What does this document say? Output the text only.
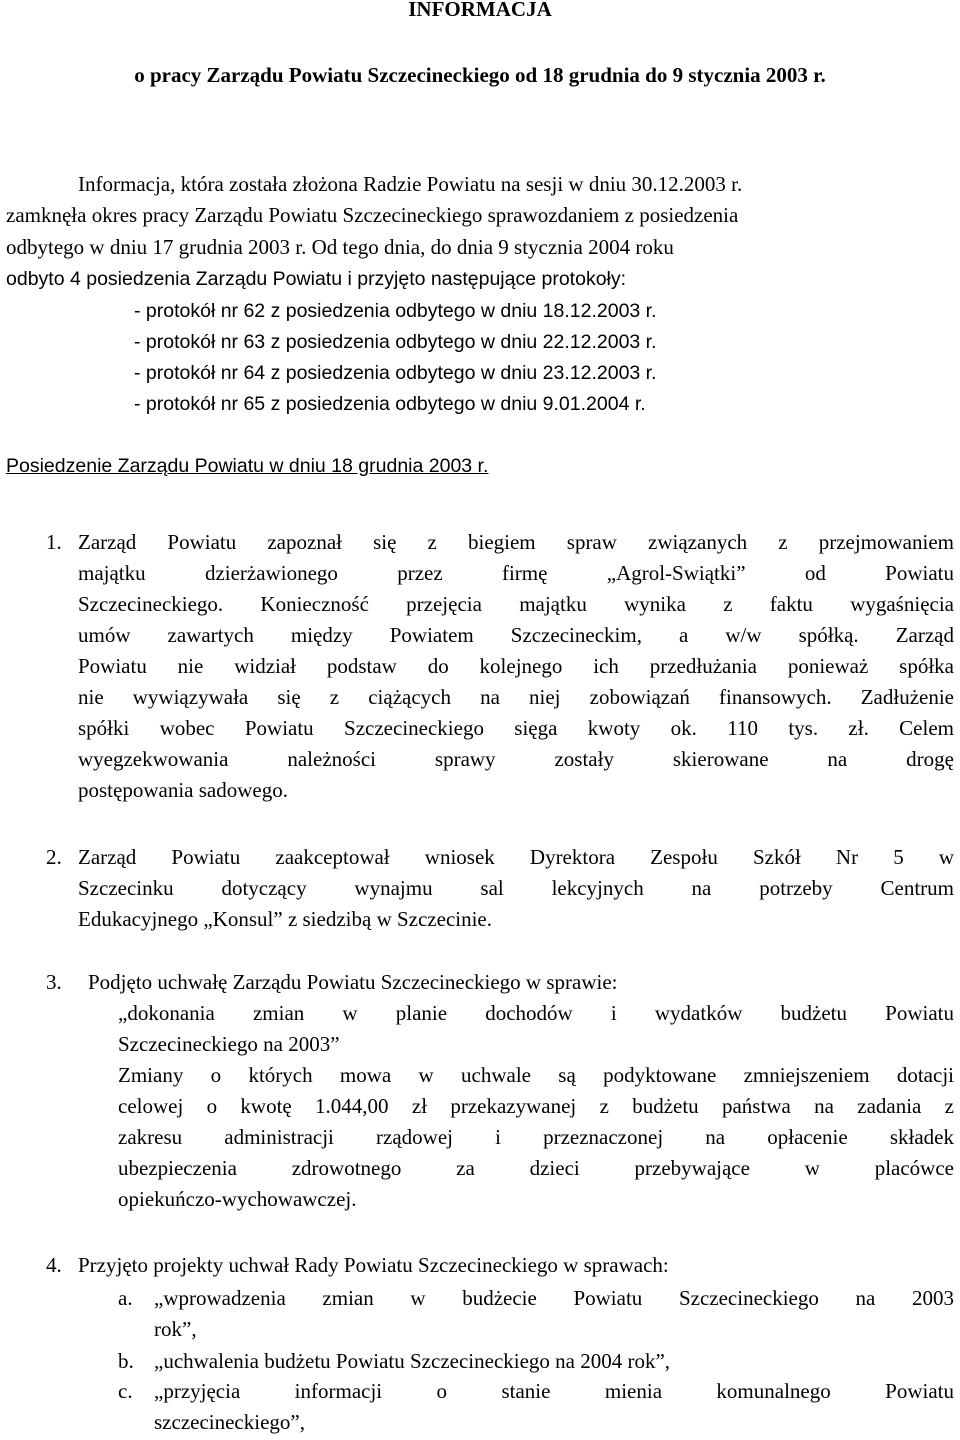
INFORMACJA
o pracy Zarządu Powiatu Szczecineckiego od 18 grudnia do 9 stycznia 2003 r.
Informacja, która została złożona Radzie Powiatu na sesji w dniu 30.12.2003 r.
zamknęła okres pracy Zarządu Powiatu Szczecineckiego sprawozdaniem z posiedzenia
odbytego w dniu 17 grudnia 2003 r. Od tego dnia, do dnia 9 stycznia 2004 roku
odbyto 4 posiedzenia Zarządu Powiatu i przyjęto następujące protokoły:
- protokół nr 62 z posiedzenia odbytego w dniu 18.12.2003 r.
- protokół nr 63 z posiedzenia odbytego w dniu 22.12.2003 r.
- protokół nr 64 z posiedzenia odbytego w dniu 23.12.2003 r.
- protokół nr 65 z posiedzenia odbytego w dniu 9.01.2004 r.
Posiedzenie Zarządu Powiatu w dniu 18 grudnia 2003 r.
1. Zarząd Powiatu zapoznał się z biegiem spraw związanych z przejmowaniem
majątku dzierżawionego przez firmę „Agrol-Swiątki” od Powiatu
Szczecineckiego. Konieczność przejęcia majątku wynika z faktu wygaśnięcia
umów zawartych między Powiatem Szczecineckim, a w/w spółką. Zarząd
Powiatu nie widział podstaw do kolejnego ich przedłużania ponieważ spółka
nie wywiązywała się z ciążących na niej zobowiązań finansowych. Zadłużenie
spółki wobec Powiatu Szczecineckiego sięga kwoty ok. 110 tys. zł. Celem
wyegzekwowania należności sprawy zostały skierowane na drogę
postępowania sadowego.
2. Zarząd Powiatu zaakceptował wniosek Dyrektora Zespołu Szkół Nr 5 w
Szczecinku dotyczący wynajmu sal lekcyjnych na potrzeby Centrum
Edukacyjnego „Konsul” z siedzibą w Szczecinie.
3. Podjęto uchwałę Zarządu Powiatu Szczecineckiego w sprawie:
„dokonania zmian w planie dochodów i wydatków budżetu Powiatu
Szczecineckiego na 2003”
Zmiany o których mowa w uchwale są podyktowane zmniejszeniem dotacji
celowej o kwotę 1.044,00 zł przekazywanej z budżetu państwa na zadania z
zakresu administracji rządowej i przeznaczonej na opłacenie składek
ubezpieczenia zdrowotnego za dzieci przebywające w placówce
opiekuńczo-wychowawczej.
4. Przyjęto projekty uchwał Rady Powiatu Szczecineckiego w sprawach:
a. „wprowadzenia zmian w budżecie Powiatu Szczecineckiego na 2003
rok”,
b. „uchwalenia budżetu Powiatu Szczecineckiego na 2004 rok”,
c. „przyjęcia informacji o stanie mienia komunalnego Powiatu
szczecineckiego”,
